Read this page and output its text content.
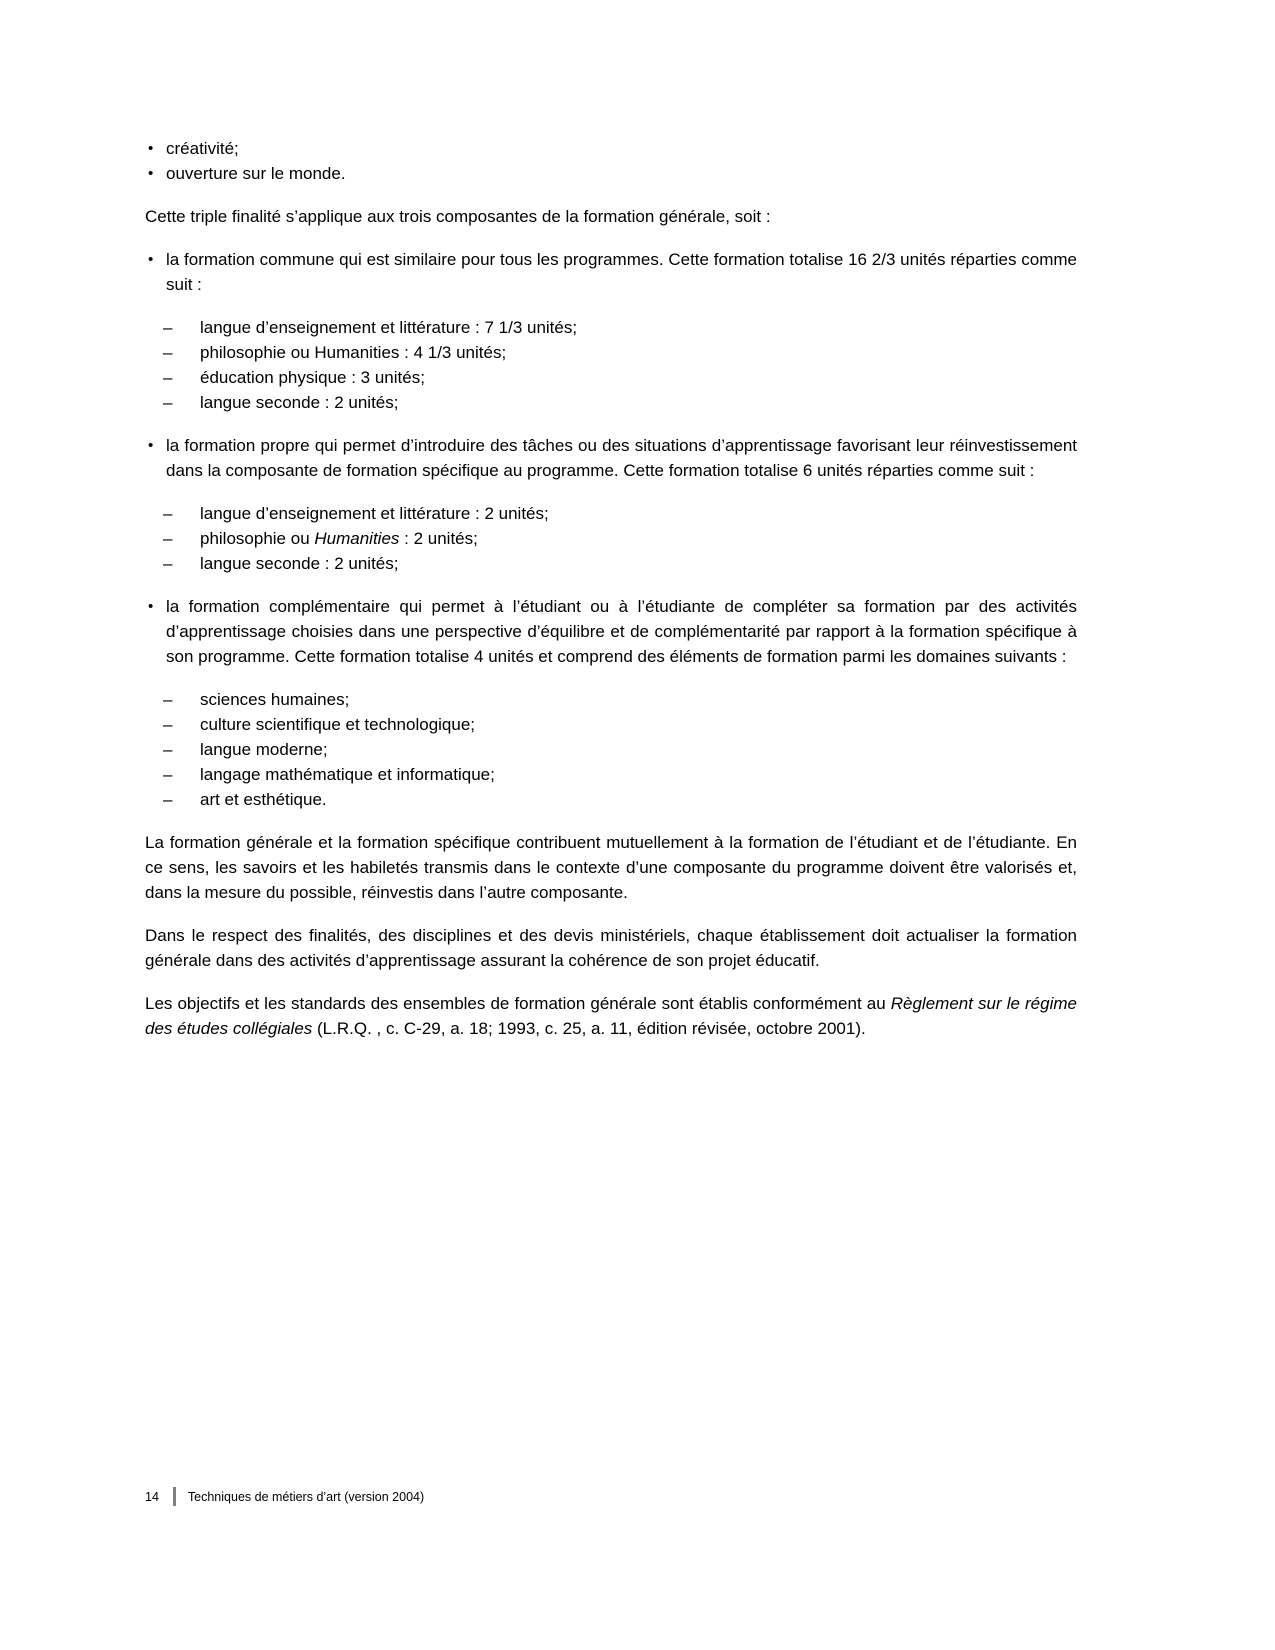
• créativité;
• ouverture sur le monde.

Cette triple finalité s’applique aux trois composantes de la formation générale, soit :

• la formation commune qui est similaire pour tous les programmes. Cette formation totalise 16 2/3 unités réparties comme suit :
– langue d’enseignement et littérature : 7 1/3 unités;
– philosophie ou Humanities : 4 1/3 unités;
– éducation physique : 3 unités;
– langue seconde : 2 unités;
• la formation propre qui permet d’introduire des tâches ou des situations d’apprentissage favorisant leur réinvestissement dans la composante de formation spécifique au programme. Cette formation totalise 6 unités réparties comme suit :
– langue d’enseignement et littérature : 2 unités;
– philosophie ou Humanities : 2 unités;
– langue seconde : 2 unités;
• la formation complémentaire qui permet à l’étudiant ou à l’étudiante de compléter sa formation par des activités d’apprentissage choisies dans une perspective d’équilibre et de complémentarité par rapport à la formation spécifique à son programme. Cette formation totalise 4 unités et comprend des éléments de formation parmi les domaines suivants :
– sciences humaines;
– culture scientifique et technologique;
– langue moderne;
– langage mathématique et informatique;
– art et esthétique.

La formation générale et la formation spécifique contribuent mutuellement à la formation de l’étudiant et de l’étudiante. En ce sens, les savoirs et les habiletés transmis dans le contexte d’une composante du programme doivent être valorisés et, dans la mesure du possible, réinvestis dans l’autre composante.

Dans le respect des finalités, des disciplines et des devis ministériels, chaque établissement doit actualiser la formation générale dans des activités d’apprentissage assurant la cohérence de son projet éducatif.

Les objectifs et les standards des ensembles de formation générale sont établis conformément au Règlement sur le régime des études collégiales (L.R.Q. , c. C-29, a. 18; 1993, c. 25, a. 11, édition révisée, octobre 2001).

14 Techniques de métiers d’art (version 2004)
